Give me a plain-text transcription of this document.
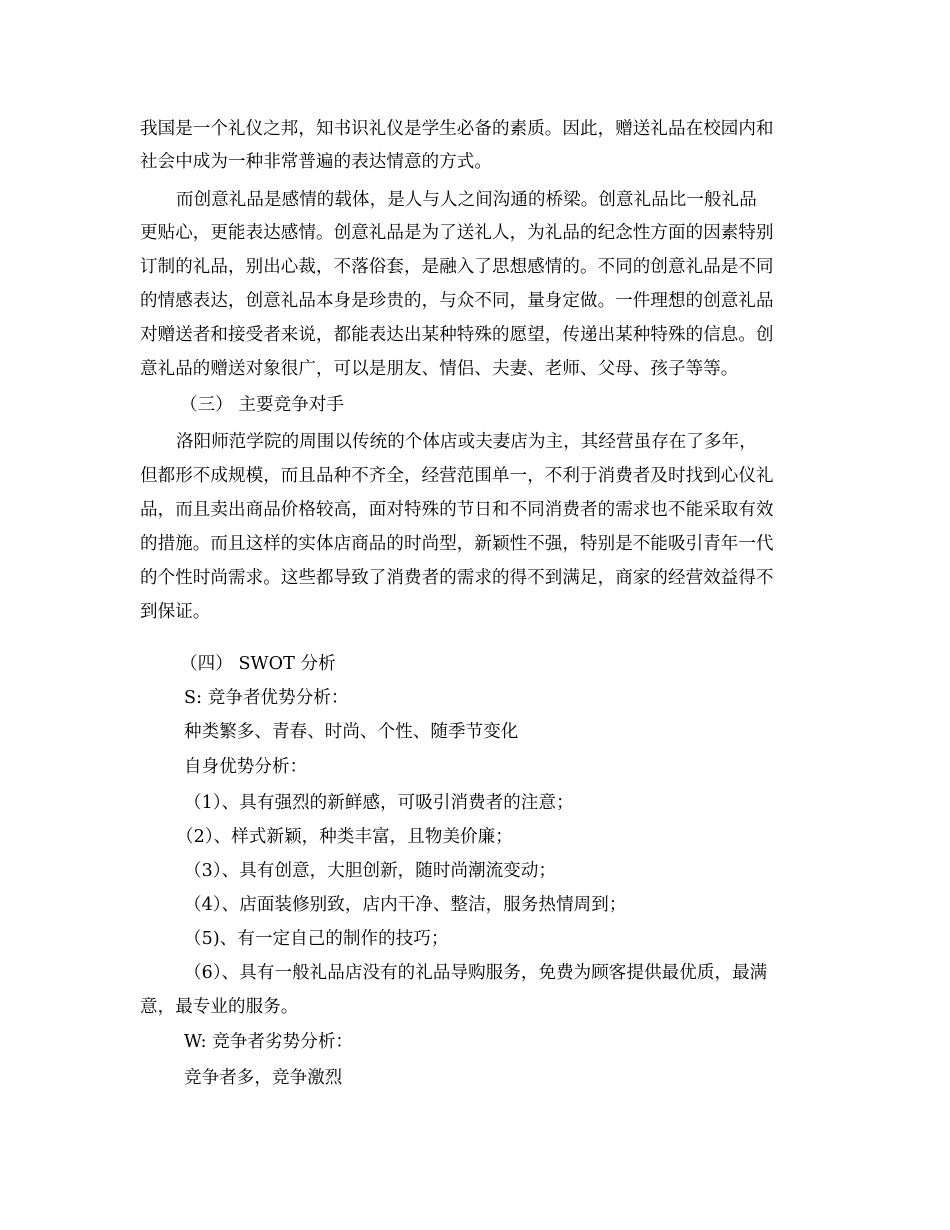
我国是一个礼仪之邦，知书识礼仪是学生必备的素质。因此，赠送礼品在校园内和
社会中成为一种非常普遍的表达情意的方式。
而创意礼品是感情的载体，是人与人之间沟通的桥梁。创意礼品比一般礼品
更贴心，更能表达感情。创意礼品是为了送礼人，为礼品的纪念性方面的因素特别
订制的礼品，别出心裁，不落俗套，是融入了思想感情的。不同的创意礼品是不同
的情感表达，创意礼品本身是珍贵的，与众不同，量身定做。一件理想的创意礼品
对赠送者和接受者来说，都能表达出某种特殊的愿望，传递出某种特殊的信息。创
意礼品的赠送对象很广，可以是朋友、情侣、夫妻、老师、父母、孩子等等。
（三） 主要竞争对手
洛阳师范学院的周围以传统的个体店或夫妻店为主，其经营虽存在了多年，
但都形不成规模，而且品种不齐全，经营范围单一，不利于消费者及时找到心仪礼
品，而且卖出商品价格较高，面对特殊的节日和不同消费者的需求也不能采取有效
的措施。而且这样的实体店商品的时尚型，新颖性不强，特别是不能吸引青年一代
的个性时尚需求。这些都导致了消费者的需求的得不到满足，商家的经营效益得不
到保证。
（四） SWOT 分析
S: 竞争者优势分析：
种类繁多、青春、时尚、个性、随季节变化
自身优势分析：
（1）、具有强烈的新鲜感，可吸引消费者的注意；
（2）、样式新颖，种类丰富，且物美价廉；
（3）、具有创意，大胆创新，随时尚潮流变动；
（4）、店面装修别致，店内干净、整洁，服务热情周到；
（5)、有一定自己的制作的技巧；
（6）、具有一般礼品店没有的礼品导购服务，免费为顾客提供最优质，最满
意，最专业的服务。
W: 竞争者劣势分析：
竞争者多，竞争激烈
